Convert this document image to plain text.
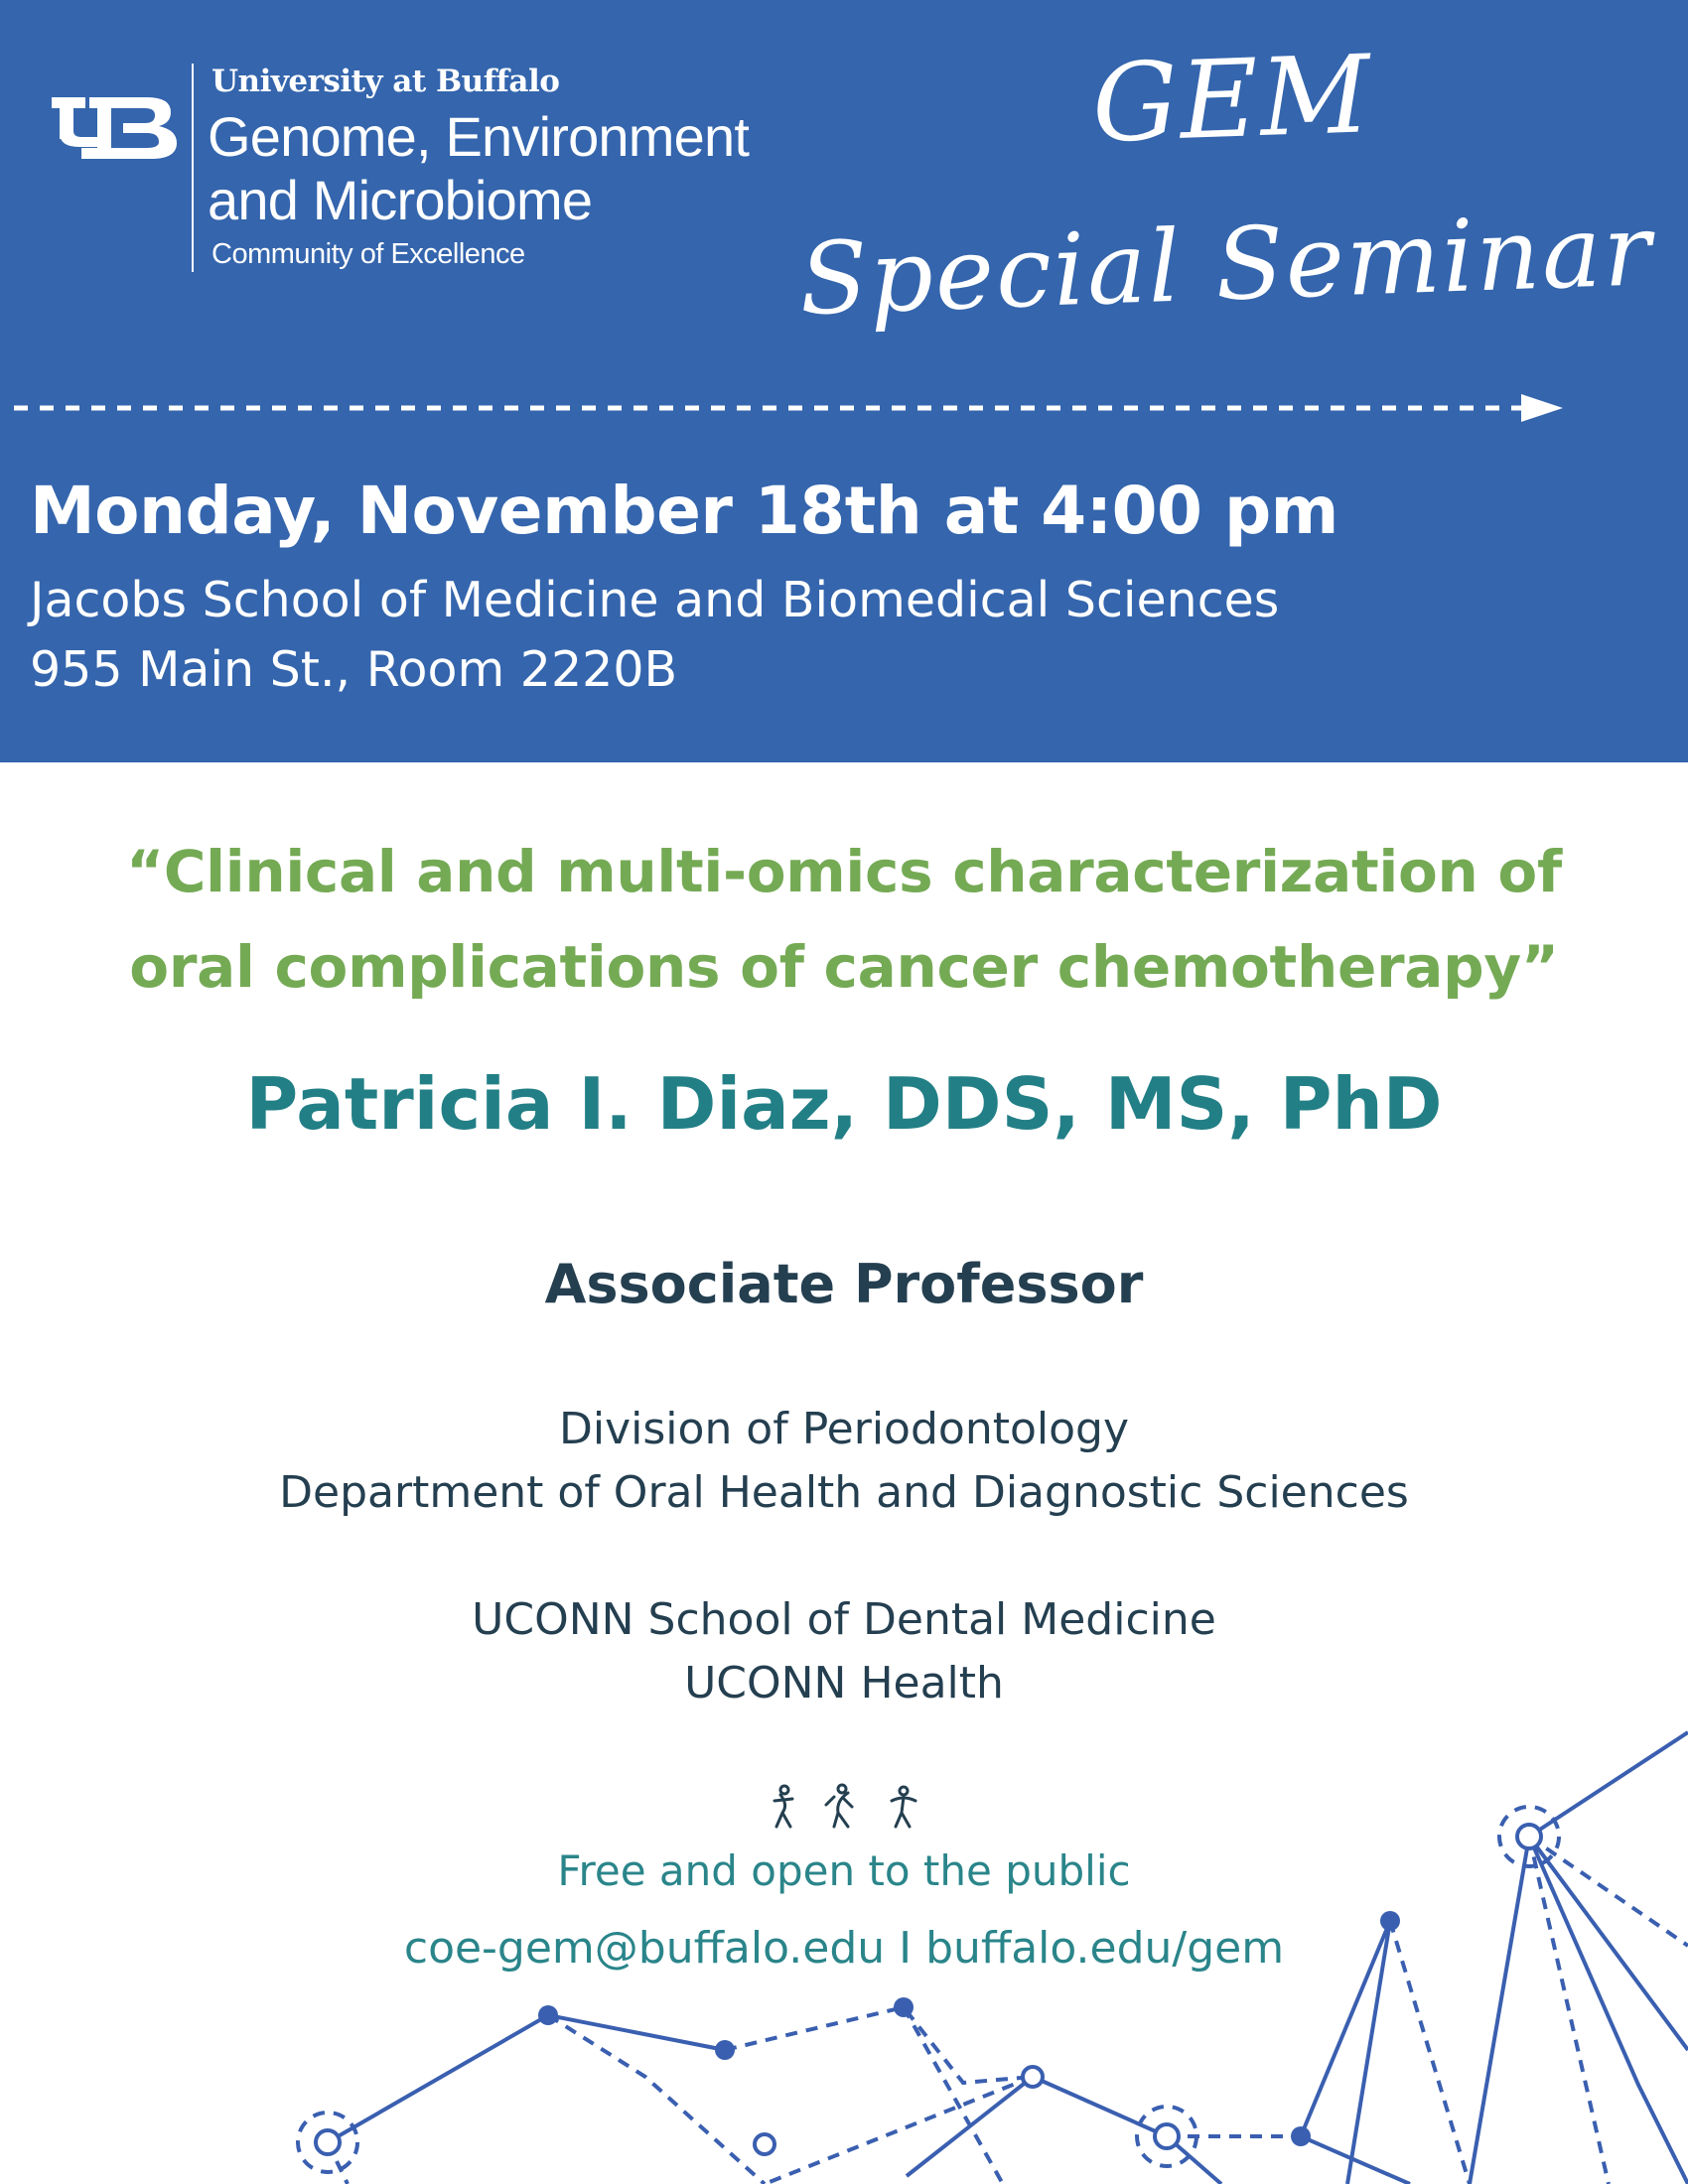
University at Buffalo
Genome, Environment
and Microbiome
Community of Excellence
GEM
Special Seminar
Monday, November 18th at 4:00 pm
Jacobs School of Medicine and Biomedical Sciences
955 Main St., Room 2220B
“Clinical and multi-omics characterization of
oral complications of cancer chemotherapy”
Patricia I. Diaz, DDS, MS, PhD
Associate Professor
Division of Periodontology
Department of Oral Health and Diagnostic Sciences
UCONN School of Dental Medicine
UCONN Health
Free and open to the public
coe-gem@buffalo.edu I buffalo.edu/gem
